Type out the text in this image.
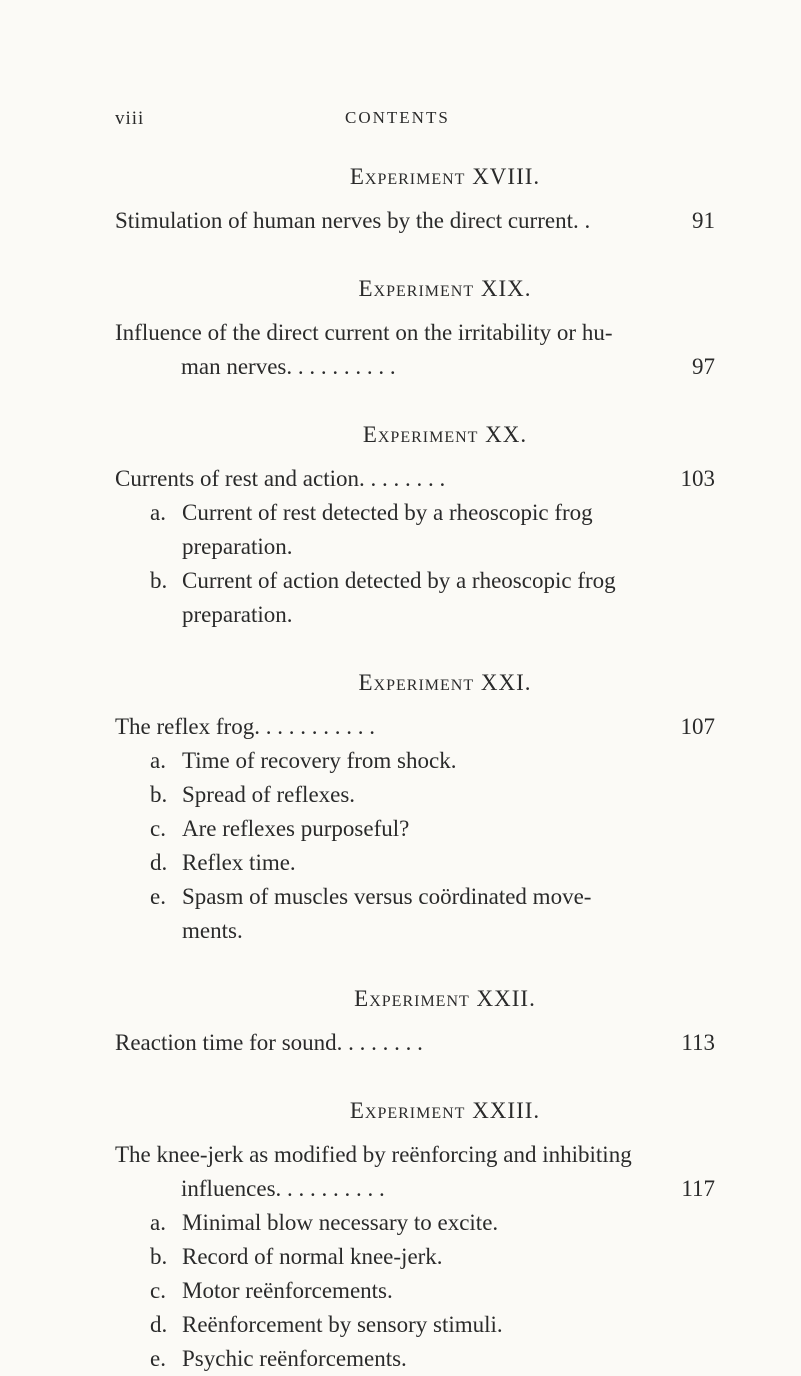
viii	CONTENTS
Experiment XVIII.
Stimulation of human nerves by the direct current. .	91
Experiment XIX.
Influence of the direct current on the irritability or hu-
man nerves. . . . . . . . . .	97
Experiment XX.
Currents of rest and action. . . . . . . .	103
a. Current of rest detected by a rheoscopic frog preparation.
b. Current of action detected by a rheoscopic frog preparation.
Experiment XXI.
The reflex frog. . . . . . . . . . .	107
a. Time of recovery from shock.
b. Spread of reflexes.
c. Are reflexes purposeful?
d. Reflex time.
e. Spasm of muscles versus coördinated move-ments.
Experiment XXII.
Reaction time for sound. . . . . . . .	113
Experiment XXIII.
The knee-jerk as modified by reënforcing and inhibiting
influences. . . . . . . . . .	117
a. Minimal blow necessary to excite.
b. Record of normal knee-jerk.
c. Motor reënforcements.
d. Reënforcement by sensory stimuli.
e. Psychic reënforcements.
